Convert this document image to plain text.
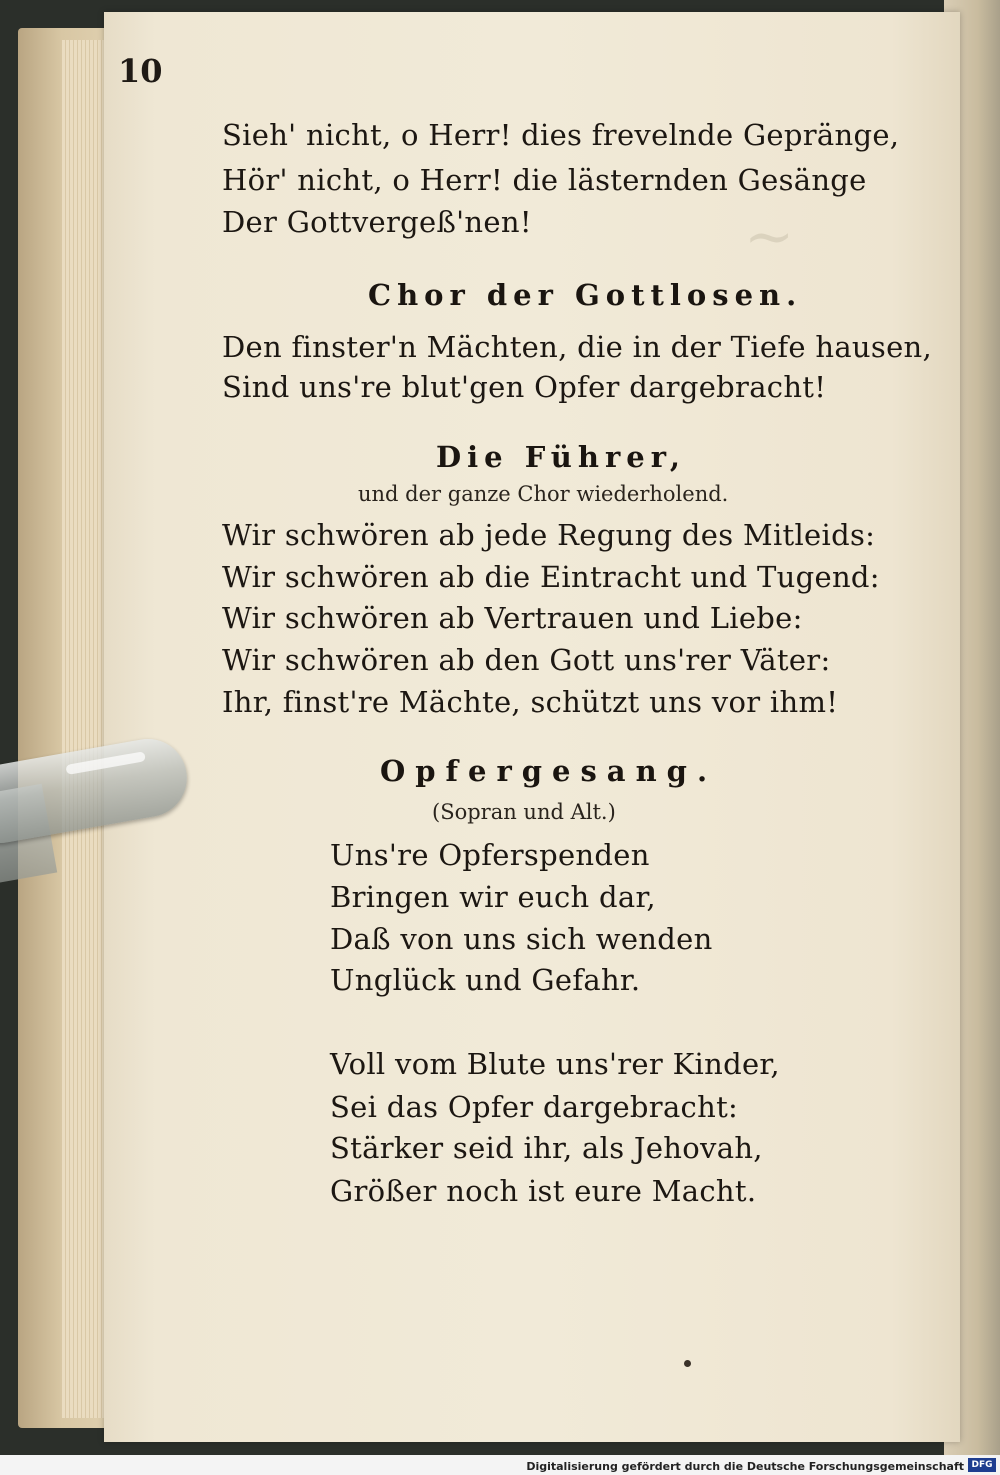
~
10
Sieh' nicht, o Herr! dies frevelnde Gepränge,
Hör' nicht, o Herr! die lästernden Gesänge
Der Gottvergeß'nen!
Chor der Gottlosen.
Den finster'n Mächten, die in der Tiefe hausen,
Sind uns're blut'gen Opfer dargebracht!
Die Führer,
und der ganze Chor wiederholend.
Wir schwören ab jede Regung des Mitleids:
Wir schwören ab die Eintracht und Tugend:
Wir schwören ab Vertrauen und Liebe:
Wir schwören ab den Gott uns'rer Väter:
Ihr, finst're Mächte, schützt uns vor ihm!
Opfergesang.
(Sopran und Alt.)
Uns're Opferspenden
Bringen wir euch dar,
Daß von uns sich wenden
Unglück und Gefahr.
Voll vom Blute uns'rer Kinder,
Sei das Opfer dargebracht:
Stärker seid ihr, als Jehovah,
Größer noch ist eure Macht.
Digitalisierung gefördert durch die Deutsche Forschungsgemeinschaft DFG
